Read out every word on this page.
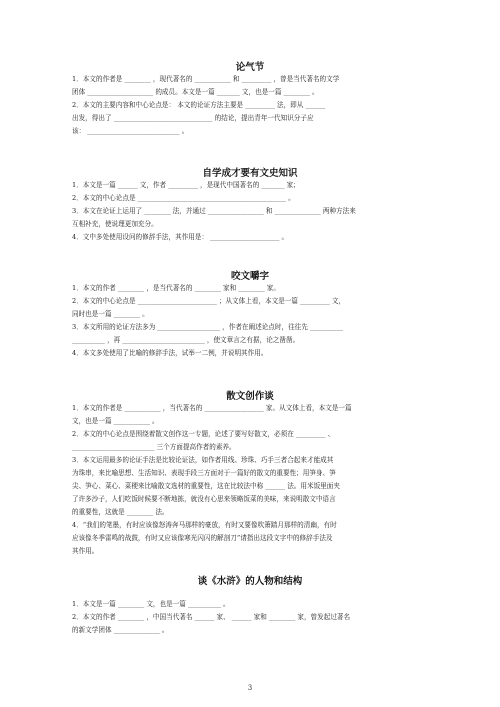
论气节
1．本文的作者是 ________ ，现代著名的 ___________ 和 _________ ，曾是当代著名的文学
团体 ____________________ 的成员。本文是一篇 _______ 文，也是一篇 ________ 。
2．本文的主要内容和中心论点是： 本文的论证方法主要是 _________ 法，即从 ______
出发，得出了 ______________________________ 的结论，提出青年一代知识分子应
该： ____________________________ 。
自学成才要有文史知识
1．本文是一篇 ______ 文，作者 _________ ，是现代中国著名的 _______ 家；
2．本文的中心论点是 _____________________________________________ 。
3．本文在论证上运用了 ________ 法，并通过 _________________ 和 ______________ 两种方法来
互相补充，使说理更加充分。
4．文中多处使用设问的修辞手法，其作用是： _____________________ 。
咬文嚼字
1．本文的作者 ________ ，是当代著名的 ________ 家和 ________ 家。
2．本文的中心论点是 ________________________ ；从文体上看，本文是一篇 _________ 文，
同时也是一篇 ________ 。
3．本文所用的论证方法多为 ___________________ ，作者在阐述论点时，往往先 __________
__________ ，再 _________________________ ，使文章言之有据，论之凿凿。
4．本文多处使用了比喻的修辞手法，试举一二例，并说明其作用。
散文创作谈
1．本文的作者是 ___________ ，当代著名的 __________________ 家。从文体上看，本文是一篇
文，也是一篇 ___________ 。
2．本文的中心论点是围绕着散文创作这一专题，论述了要写好散文，必须在 _________ 、
_________________________ 三个方面提高作者的素养。
3．本文运用最多的论证手法是比较论证法，如作者用线、珍珠、巧手三者合起来才能成其
为珠串，来比喻思想、生活知识、表现手段三方面对于一篇好的散文的重要性；用笋身、笋
尖、笋心、菜心、菜梗来比喻散文选材的重要性，这在比较法中称 ______ 法。用米饭里面夹
了许多沙子，人们吃饭时候要不断地拣，就没有心思来领略饭菜的美味，来说明散文中语言
的重要性，这就是 ________ 法。
4．“我们的笔墨，有时应该像怒涛奔马那样的豪放，有时又要像吹箫踏月那样的清幽，有时
应该像冬季雷鸣的战鼓，有时又应该像寒光闪闪的解剖刀”请指出这段文字中的修辞手法及
其作用。
谈《水浒》的人物和结构
1．本文是一篇 ________ 文，也是一篇 __________ 。
2．本文的作者 ________ ，中国当代著名 ______ 家、 ______ 家和 ________ 家，曾发起过著名
的新文学团体 ______________ 。
3
